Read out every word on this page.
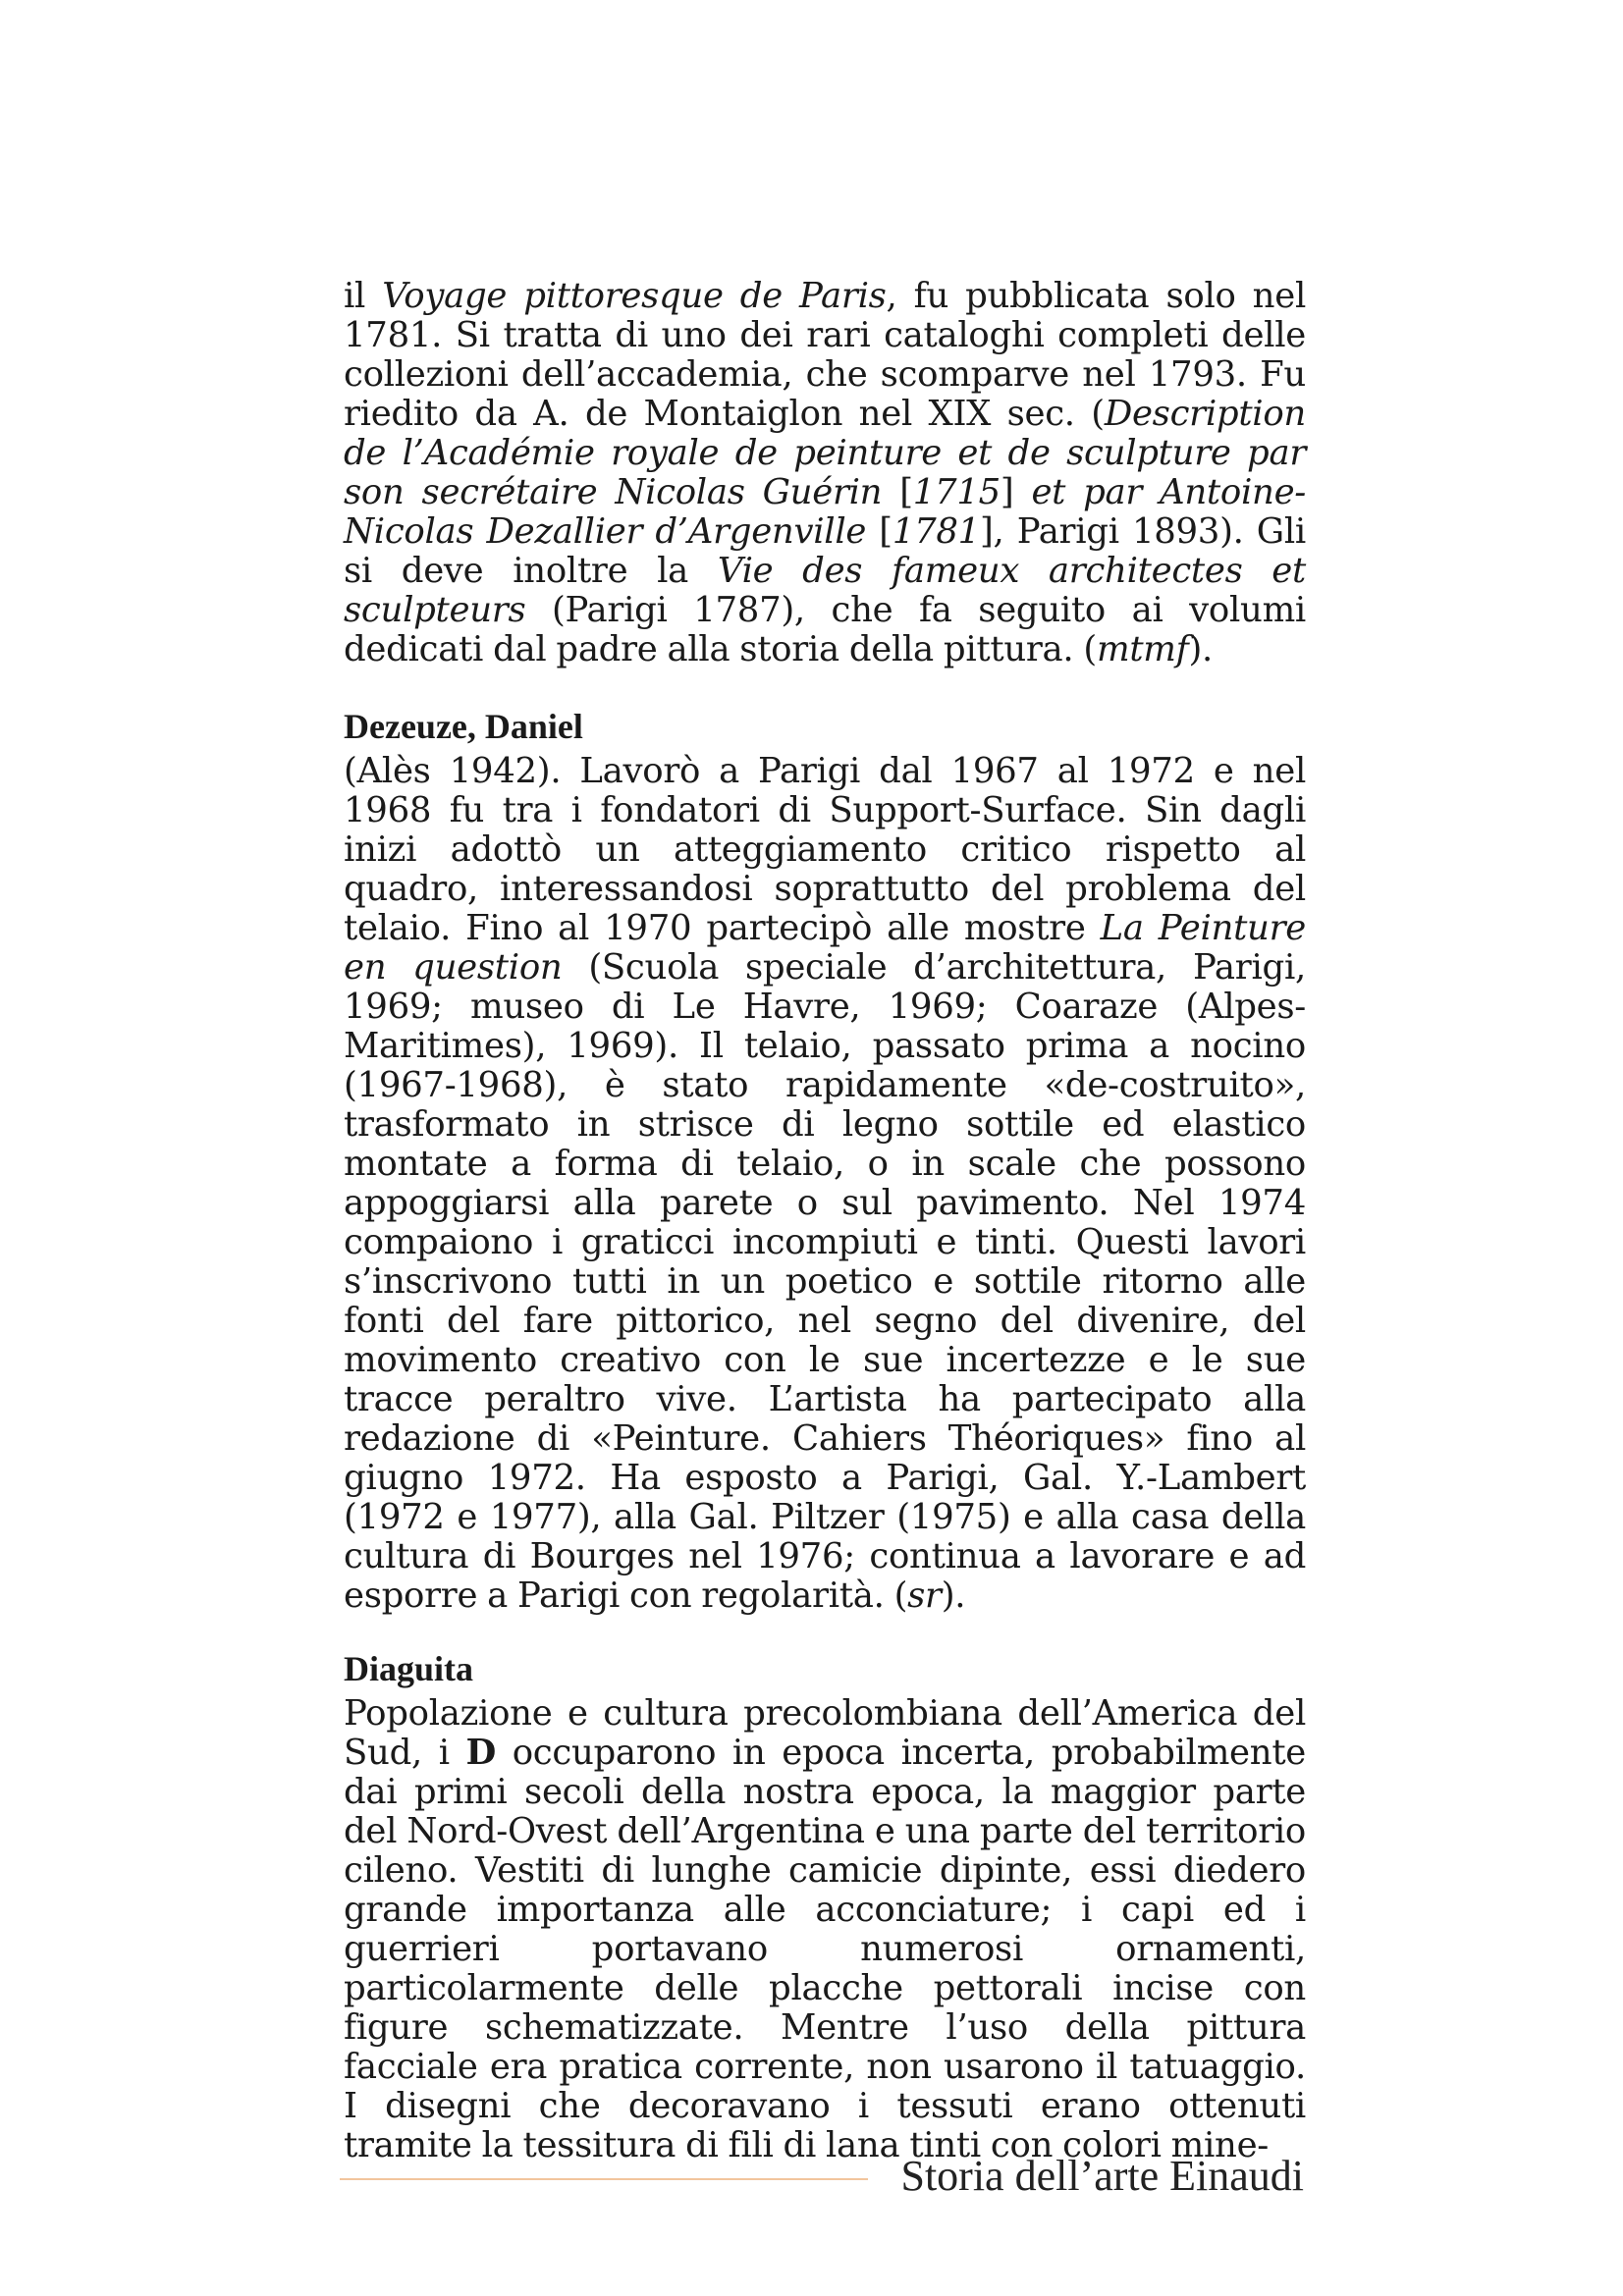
il Voyage pittoresque de Paris, fu pubblicata solo nel 1781. Si tratta di uno dei rari cataloghi completi delle collezioni dell’accademia, che scomparve nel 1793. Fu riedito da A. de Montaiglon nel XIX sec. (Description de l’Académie royale de peinture et de sculpture par son secrétaire Nicolas Guérin [1715] et par Antoine-Nicolas Dezallier d’Argenville [1781], Parigi 1893). Gli si deve inoltre la Vie des fameux architectes et sculpteurs (Parigi 1787), che fa seguito ai volumi dedicati dal padre alla storia della pittura. (mtmf).

Dezeuze, Daniel

(Alès 1942). Lavorò a Parigi dal 1967 al 1972 e nel 1968 fu tra i fondatori di Support-Surface. Sin dagli inizi adottò un atteggiamento critico rispetto al quadro, interessandosi soprattutto del problema del telaio. Fino al 1970 partecipò alle mostre La Peinture en question (Scuola speciale d’architettura, Parigi, 1969; museo di Le Havre, 1969; Coaraze (Alpes-Maritimes), 1969). Il telaio, passato prima a nocino (1967-1968), è stato rapidamente «de-costruito», trasformato in strisce di legno sottile ed elastico montate a forma di telaio, o in scale che possono appoggiarsi alla parete o sul pavimento. Nel 1974 compaiono i graticci incompiuti e tinti. Questi lavori s’inscrivono tutti in un poetico e sottile ritorno alle fonti del fare pittorico, nel segno del divenire, del movimento creativo con le sue incertezze e le sue tracce peraltro vive. L’artista ha partecipato alla redazione di «Peinture. Cahiers Théoriques» fino al giugno 1972. Ha esposto a Parigi, Gal. Y.-Lambert (1972 e 1977), alla Gal. Piltzer (1975) e alla casa della cultura di Bourges nel 1976; continua a lavorare e ad esporre a Parigi con regolarità. (sr).

Diaguita

Popolazione e cultura precolombiana dell’America del Sud, i D occuparono in epoca incerta, probabilmente dai primi secoli della nostra epoca, la maggior parte del Nord-Ovest dell’Argentina e una parte del territorio cileno. Vestiti di lunghe camicie dipinte, essi diedero grande importanza alle acconciature; i capi ed i guerrieri portavano numerosi ornamenti, particolarmente delle placche pettorali incise con figure schematizzate. Mentre l’uso della pittura facciale era pratica corrente, non usarono il tatuaggio. I disegni che decoravano i tessuti erano ottenuti tramite la tessitura di fili di lana tinti con colori mine-

Storia dell’arte Einaudi
